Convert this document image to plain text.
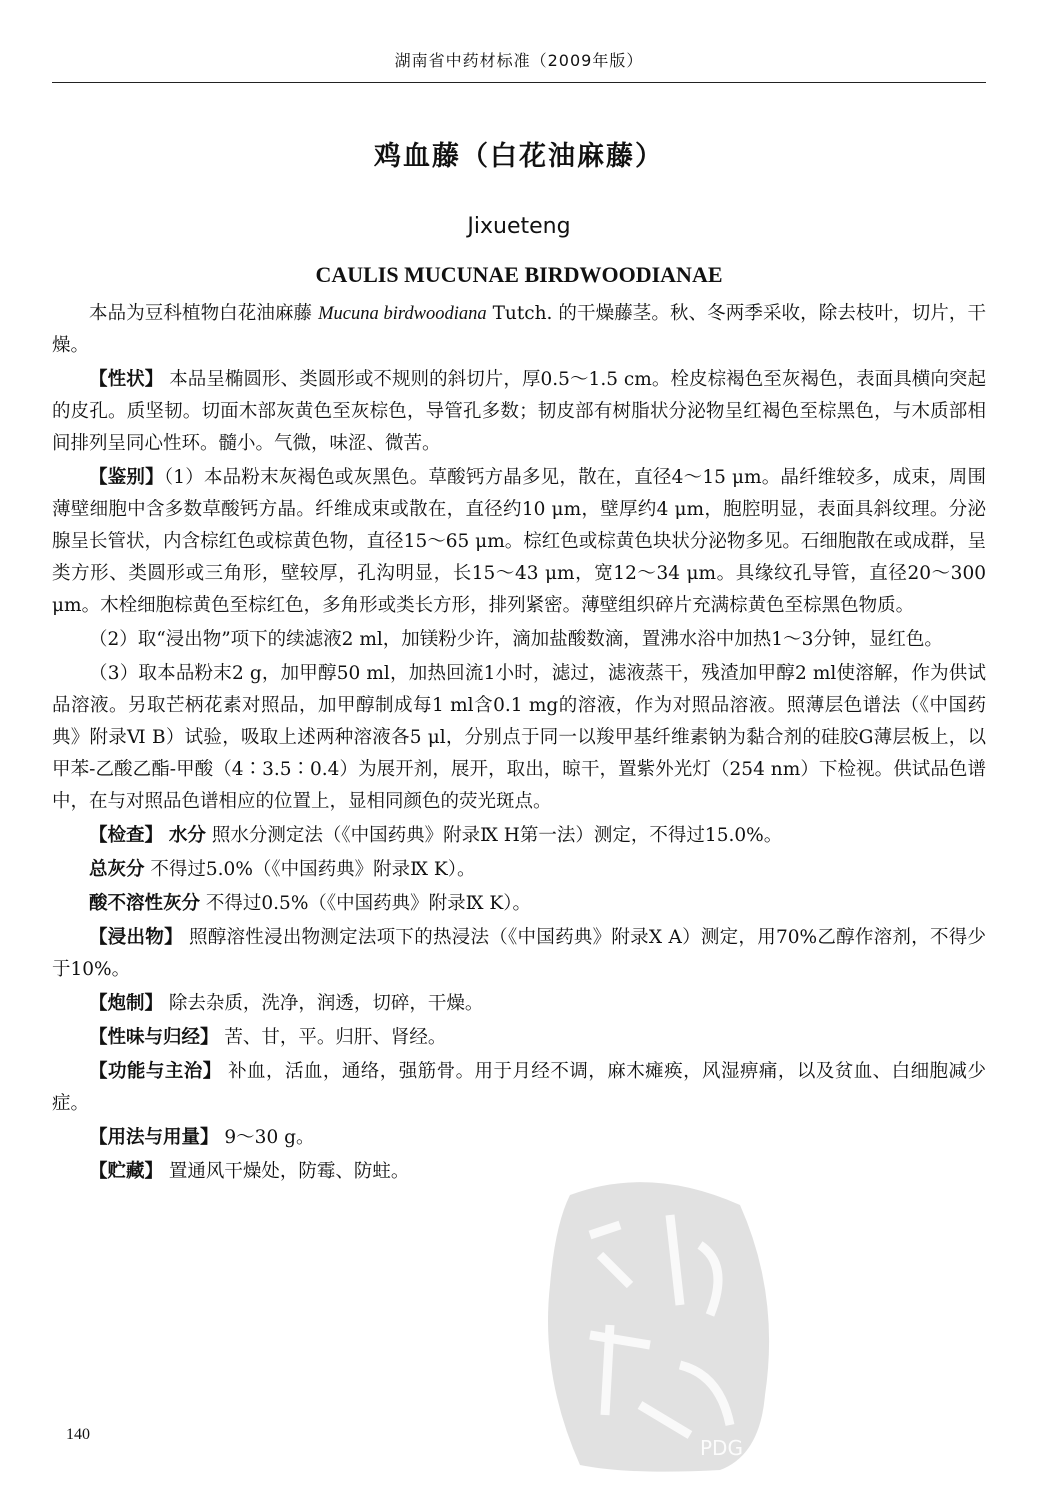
湖南省中药材标准（2009年版）
鸡血藤（白花油麻藤）
Jixueteng
CAULIS MUCUNAE BIRDWOODIANAE

本品为豆科植物白花油麻藤 Mucuna birdwoodiana Tutch. 的干燥藤茎。秋、冬两季采收，除去枝叶，切片，干燥。

【性状】 本品呈椭圆形、类圆形或不规则的斜切片，厚0.5～1.5 cm。栓皮棕褐色至灰褐色，表面具横向突起的皮孔。质坚韧。切面木部灰黄色至灰棕色，导管孔多数；韧皮部有树脂状分泌物呈红褐色至棕黑色，与木质部相间排列呈同心性环。髓小。气微，味涩、微苦。

【鉴别】（1）本品粉末灰褐色或灰黑色。草酸钙方晶多见，散在，直径4～15 μm。晶纤维较多，成束，周围薄壁细胞中含多数草酸钙方晶。纤维成束或散在，直径约10 μm，壁厚约4 μm，胞腔明显，表面具斜纹理。分泌腺呈长管状，内含棕红色或棕黄色物，直径15～65 μm。棕红色或棕黄色块状分泌物多见。石细胞散在或成群，呈类方形、类圆形或三角形，壁较厚，孔沟明显，长15～43 μm，宽12～34 μm。具缘纹孔导管，直径20～300 μm。木栓细胞棕黄色至棕红色，多角形或类长方形，排列紧密。薄壁组织碎片充满棕黄色至棕黑色物质。

（2）取“浸出物”项下的续滤液2 ml，加镁粉少许，滴加盐酸数滴，置沸水浴中加热1～3分钟，显红色。

（3）取本品粉末2 g，加甲醇50 ml，加热回流1小时，滤过，滤液蒸干，残渣加甲醇2 ml使溶解，作为供试品溶液。另取芒柄花素对照品，加甲醇制成每1 ml含0.1 mg的溶液，作为对照品溶液。照薄层色谱法（《中国药典》附录Ⅵ B）试验，吸取上述两种溶液各5 μl，分别点于同一以羧甲基纤维素钠为黏合剂的硅胶G薄层板上，以甲苯-乙酸乙酯-甲酸（4∶3.5∶0.4）为展开剂，展开，取出，晾干，置紫外光灯（254 nm）下检视。供试品色谱中，在与对照品色谱相应的位置上，显相同颜色的荧光斑点。

【检查】 水分 照水分测定法（《中国药典》附录Ⅸ H第一法）测定，不得过15.0%。

总灰分 不得过5.0%（《中国药典》附录Ⅸ K）。

酸不溶性灰分 不得过0.5%（《中国药典》附录Ⅸ K）。

【浸出物】 照醇溶性浸出物测定法项下的热浸法（《中国药典》附录Ⅹ A）测定，用70%乙醇作溶剂，不得少于10%。

【炮制】 除去杂质，洗净，润透，切碎，干燥。

【性味与归经】 苦、甘，平。归肝、肾经。

【功能与主治】 补血，活血，通络，强筋骨。用于月经不调，麻木瘫痪，风湿痹痛，以及贫血、白细胞减少症。

【用法与用量】 9～30 g。

【贮藏】 置通风干燥处，防霉、防蛀。

PDG
140
